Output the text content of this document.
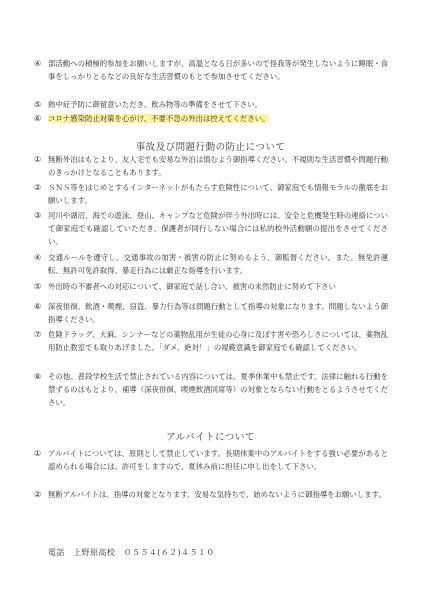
④ 部活動への積極的参加をお願いしますが、高温となる日が多いので怪我等が発生しないように睡眠・食事をしっかりとるなどの良好な生活習慣のもとで参加させてください。
⑤ 熱中症予防に御留意いただき、飲み物等の準備をさせて下さい。
⑥ コロナ感染防止対策を心がけ、不要不急の外出は控えてください。
事故及び問題行動の防止について
① 無断外泊はもとより、友人宅でも安易な外泊は慎むよう御指導ください。不規則な生活習慣や問題行動のきっかけとなることもあります。
② ＳＮＳ等をはじめとするインターネットがもたらす危険性について、御家庭でも情報モラルの徹底をお願いします。
③ 河川や湖沼、海での遊泳、登山、キャンプなど危険が伴う外出時には、安全と危機発生時の連絡について御家庭でも確認していただき、保護者が同行しない場合には私的校外活動願の提出をさせてください。
④ 交通ルールを遵守し、交通事故の加害・被害の防止に努めるよう、御監督ください。また、無免許運転、無許可免許取得、暴走行為には厳正な指導を行います。
⑤ 外出時の不審者への対応について、御家庭で話し合い、被害の未然防止に努めて下さい
⑥ 深夜徘徊、飲酒・喫煙、窃盗、暴力行為等は問題行動として指導の対象になります。問題しないよう御指導ください。
⑦ 危険ドラッグ、大麻、シンナーなどの薬物乱用が生徒の心身に及ぼす害や恐ろしさについては、薬物乱用防止教室でも取りあげました。「ダメ。絶対！」の規範意識を御家庭でも確認してください。
⑧ その他、普段学校生活で禁止されている内容については、夏季休業中も禁止です。法律に触れる行動を禁ずるのはもとより、補導（深夜徘徊、喫煙飲酒同席等）の対象とならない行動をとるようさせてください。
アルバイトについて
① アルバイトについては、原則として禁止しています。長期休業中のアルバイトをする強い必要があると認められる場合には、許可をしますので、夏休み前に担任に申し出をして下さい。
② 無断アルバイトは、指導の対象となります。安易な気持ちで、始めないように御指導をお願いします。
電話　上野原高校　０５５４(６２)４５１０
